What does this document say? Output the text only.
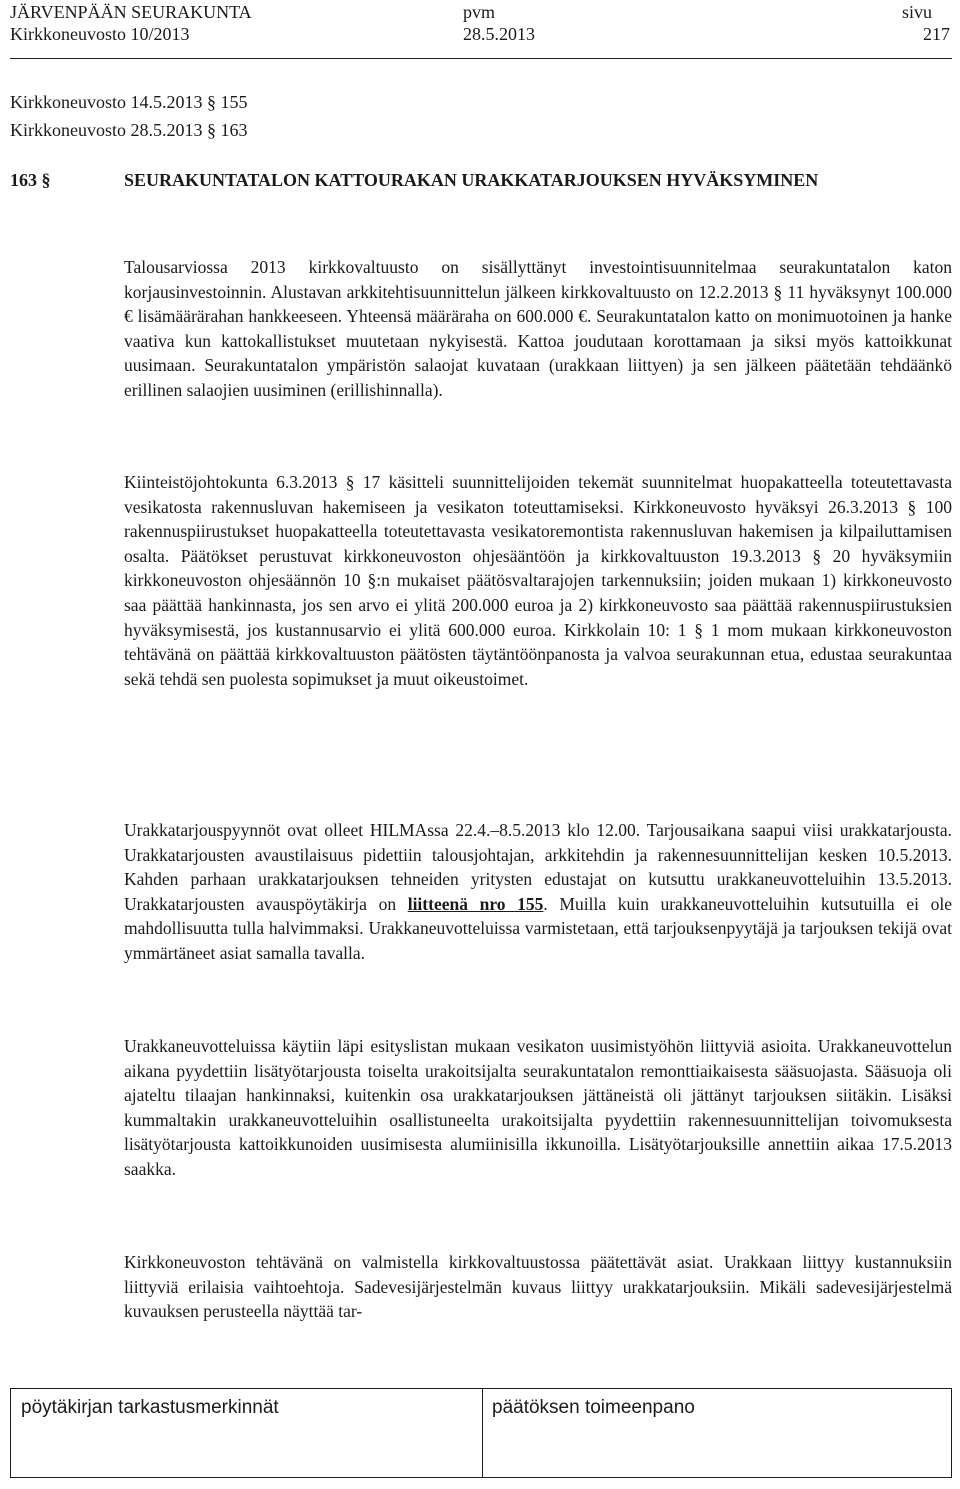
JÄRVENPÄÄN SEURAKUNTA	pvm	sivu
Kirkkoneuvosto 10/2013	28.5.2013	217
Kirkkoneuvosto 14.5.2013 § 155
Kirkkoneuvosto 28.5.2013 § 163
163 §	SEURAKUNTATALON KATTOURAKAN URAKKATARJOUKSEN HYVÄKSYMINEN

Talousarviossa 2013 kirkkovaltuusto on sisällyttänyt investointisuunnitelmaa seurakuntatalon katon korjausinvestoinnin. Alustavan arkkitehtisuunnittelun jälkeen kirkkovaltuusto on 12.2.2013 § 11 hyväksynyt 100.000 € lisämäärärahan hankkeeseen. Yhteensä määräraha on 600.000 €. Seurakuntatalon katto on monimuotoinen ja hanke vaativa kun kattokallistukset muutetaan nykyisestä. Kattoa joudutaan korottamaan ja siksi myös kattoikkunat uusimaan. Seurakuntatalon ympäristön salaojat kuvataan (urakkaan liittyen) ja sen jälkeen päätetään tehdäänkö erillinen salaojien uusiminen (erillishinnalla).

Kiinteistöjohtokunta 6.3.2013 § 17 käsitteli suunnittelijoiden tekemät suunnitelmat huopakatteella toteutettavasta vesikatosta rakennusluvan hakemiseen ja vesikaton toteuttamiseksi. Kirkkoneuvosto hyväksyi 26.3.2013 § 100 rakennuspiirustukset huopakatteella toteutettavasta vesikatoremontista rakennusluvan hakemisen ja kilpailuttamisen osalta. Päätökset perustuvat kirkkoneuvoston ohjesääntöön ja kirkkovaltuuston 19.3.2013 § 20 hyväksymiin kirkkoneuvoston ohjesäännön 10 §:n mukaiset päätösvaltarajojen tarkennuksiin; joiden mukaan 1) kirkkoneuvosto saa päättää hankinnasta, jos sen arvo ei ylitä 200.000 euroa ja 2) kirkkoneuvosto saa päättää rakennuspiirustuksien hyväksymisestä, jos kustannusarvio ei ylitä 600.000 euroa. Kirkkolain 10: 1 § 1 mom mukaan kirkkoneuvoston tehtävänä on päättää kirkkovaltuuston päätösten täytäntöönpanosta ja valvoa seurakunnan etua, edustaa seurakuntaa sekä tehdä sen puolesta sopimukset ja muut oikeustoimet.

Urakkatarjouspyynnöt ovat olleet HILMAssa 22.4.–8.5.2013 klo 12.00. Tarjousaikana saapui viisi urakkatarjousta. Urakkatarjousten avaustilaisuus pidettiin talousjohtajan, arkkitehdin ja rakennesuunnittelijan kesken 10.5.2013. Kahden parhaan urakkatarjouksen tehneiden yritysten edustajat on kutsuttu urakkaneuvotteluihin 13.5.2013. Urakkatarjousten avauspöytäkirja on liitteenä nro 155. Muilla kuin urakkaneuvotteluihin kutsutuilla ei ole mahdollisuutta tulla halvimmaksi. Urakkaneuvotteluissa varmistetaan, että tarjouksenpyytäjä ja tarjouksen tekijä ovat ymmärtäneet asiat samalla tavalla.

Urakkaneuvotteluissa käytiin läpi esityslistan mukaan vesikaton uusimistyöhön liittyviä asioita. Urakkaneuvottelun aikana pyydettiin lisätyötarjousta toiselta urakoitsijalta seurakuntatalon remonttiaikaisesta sääsuojasta. Sääsuoja oli ajateltu tilaajan hankinnaksi, kuitenkin osa urakkatarjouksen jättäneistä oli jättänyt tarjouksen siitäkin. Lisäksi kummaltakin urakkaneuvotteluihin osallistuneelta urakoitsijalta pyydettiin rakennesuunnittelijan toivomuksesta lisätyötarjousta kattoikkunoiden uusimisesta alumiinisilla ikkunoilla. Lisätyötarjouksille annettiin aikaa 17.5.2013 saakka.

Kirkkoneuvoston tehtävänä on valmistella kirkkovaltuustossa päätettävät asiat. Urakkaan liittyy kustannuksiin liittyviä erilaisia vaihtoehtoja. Sadevesijärjestelmän kuvaus liittyy urakkatarjouksiin. Mikäli sadevesijärjestelmä kuvauksen perusteella näyttää tar-

pöytäkirjan tarkastusmerkinnät	päätöksen toimeenpano
